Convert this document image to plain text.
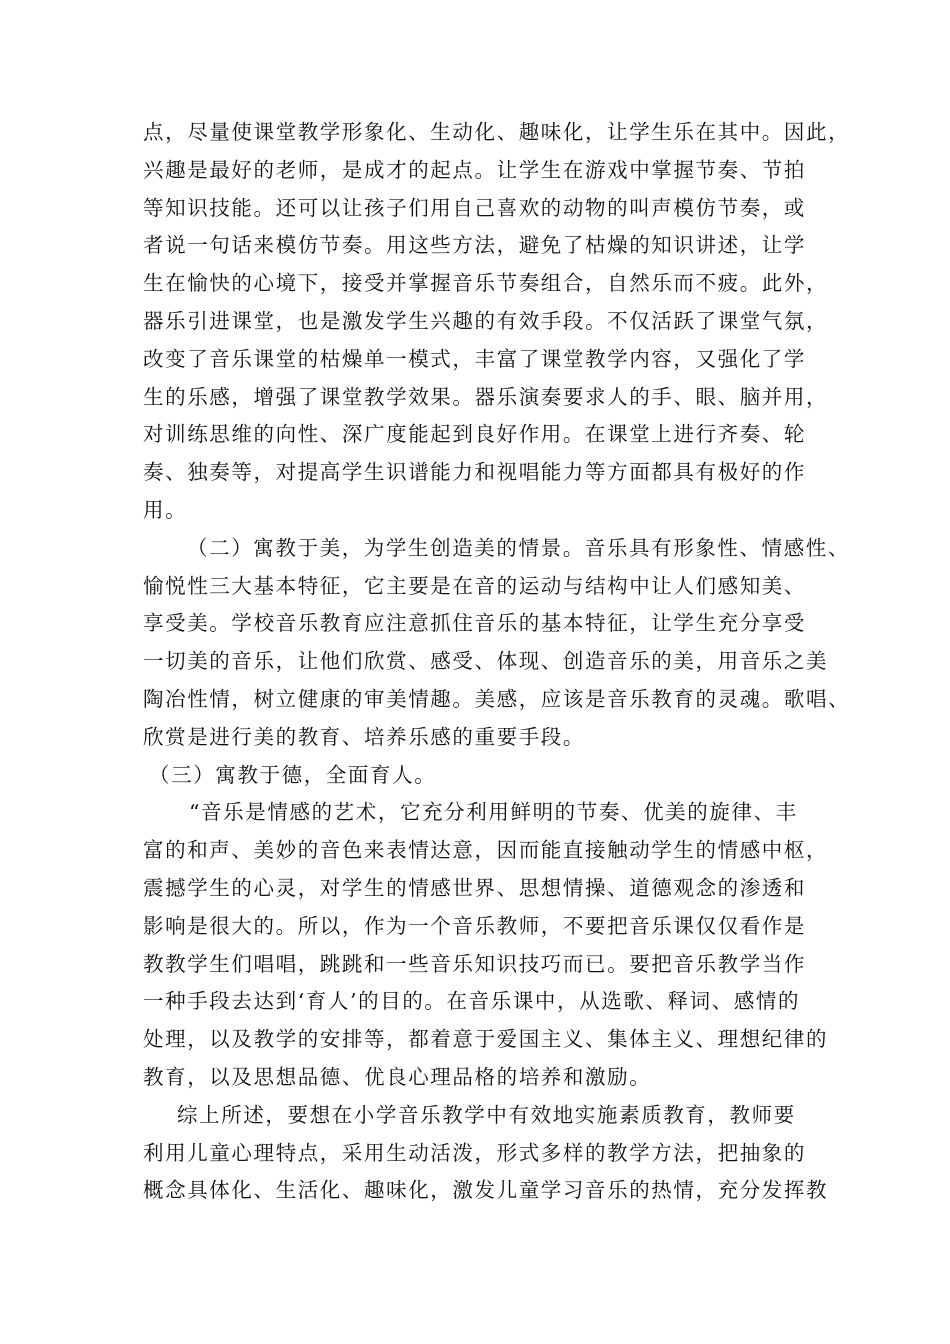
点，尽量使课堂教学形象化、生动化、趣味化，让学生乐在其中。因此，
兴趣是最好的老师，是成才的起点。让学生在游戏中掌握节奏、节拍
等知识技能。还可以让孩子们用自己喜欢的动物的叫声模仿节奏，或
者说一句话来模仿节奏。用这些方法，避免了枯燥的知识讲述，让学
生在愉快的心境下，接受并掌握音乐节奏组合，自然乐而不疲。此外，
器乐引进课堂，也是激发学生兴趣的有效手段。不仅活跃了课堂气氛，
改变了音乐课堂的枯燥单一模式，丰富了课堂教学内容，又强化了学
生的乐感，增强了课堂教学效果。器乐演奏要求人的手、眼、脑并用，
对训练思维的向性、深广度能起到良好作用。在课堂上进行齐奏、轮
奏、独奏等，对提高学生识谱能力和视唱能力等方面都具有极好的作
用。
（二）寓教于美，为学生创造美的情景。音乐具有形象性、情感性、
愉悦性三大基本特征，它主要是在音的运动与结构中让人们感知美、
享受美。学校音乐教育应注意抓住音乐的基本特征，让学生充分享受
一切美的音乐，让他们欣赏、感受、体现、创造音乐的美，用音乐之美
陶冶性情，树立健康的审美情趣。美感，应该是音乐教育的灵魂。歌唱、
欣赏是进行美的教育、培养乐感的重要手段。
（三）寓教于德，全面育人。
“音乐是情感的艺术，它充分利用鲜明的节奏、优美的旋律、丰
富的和声、美妙的音色来表情达意，因而能直接触动学生的情感中枢，
震撼学生的心灵，对学生的情感世界、思想情操、道德观念的渗透和
影响是很大的。所以，作为一个音乐教师，不要把音乐课仅仅看作是
教教学生们唱唱，跳跳和一些音乐知识技巧而已。要把音乐教学当作
一种手段去达到‘育人’的目的。在音乐课中，从选歌、释词、感情的
处理，以及教学的安排等，都着意于爱国主义、集体主义、理想纪律的
教育，以及思想品德、优良心理品格的培养和激励。
综上所述，要想在小学音乐教学中有效地实施素质教育，教师要
利用儿童心理特点，采用生动活泼，形式多样的教学方法，把抽象的
概念具体化、生活化、趣味化，激发儿童学习音乐的热情，充分发挥教
